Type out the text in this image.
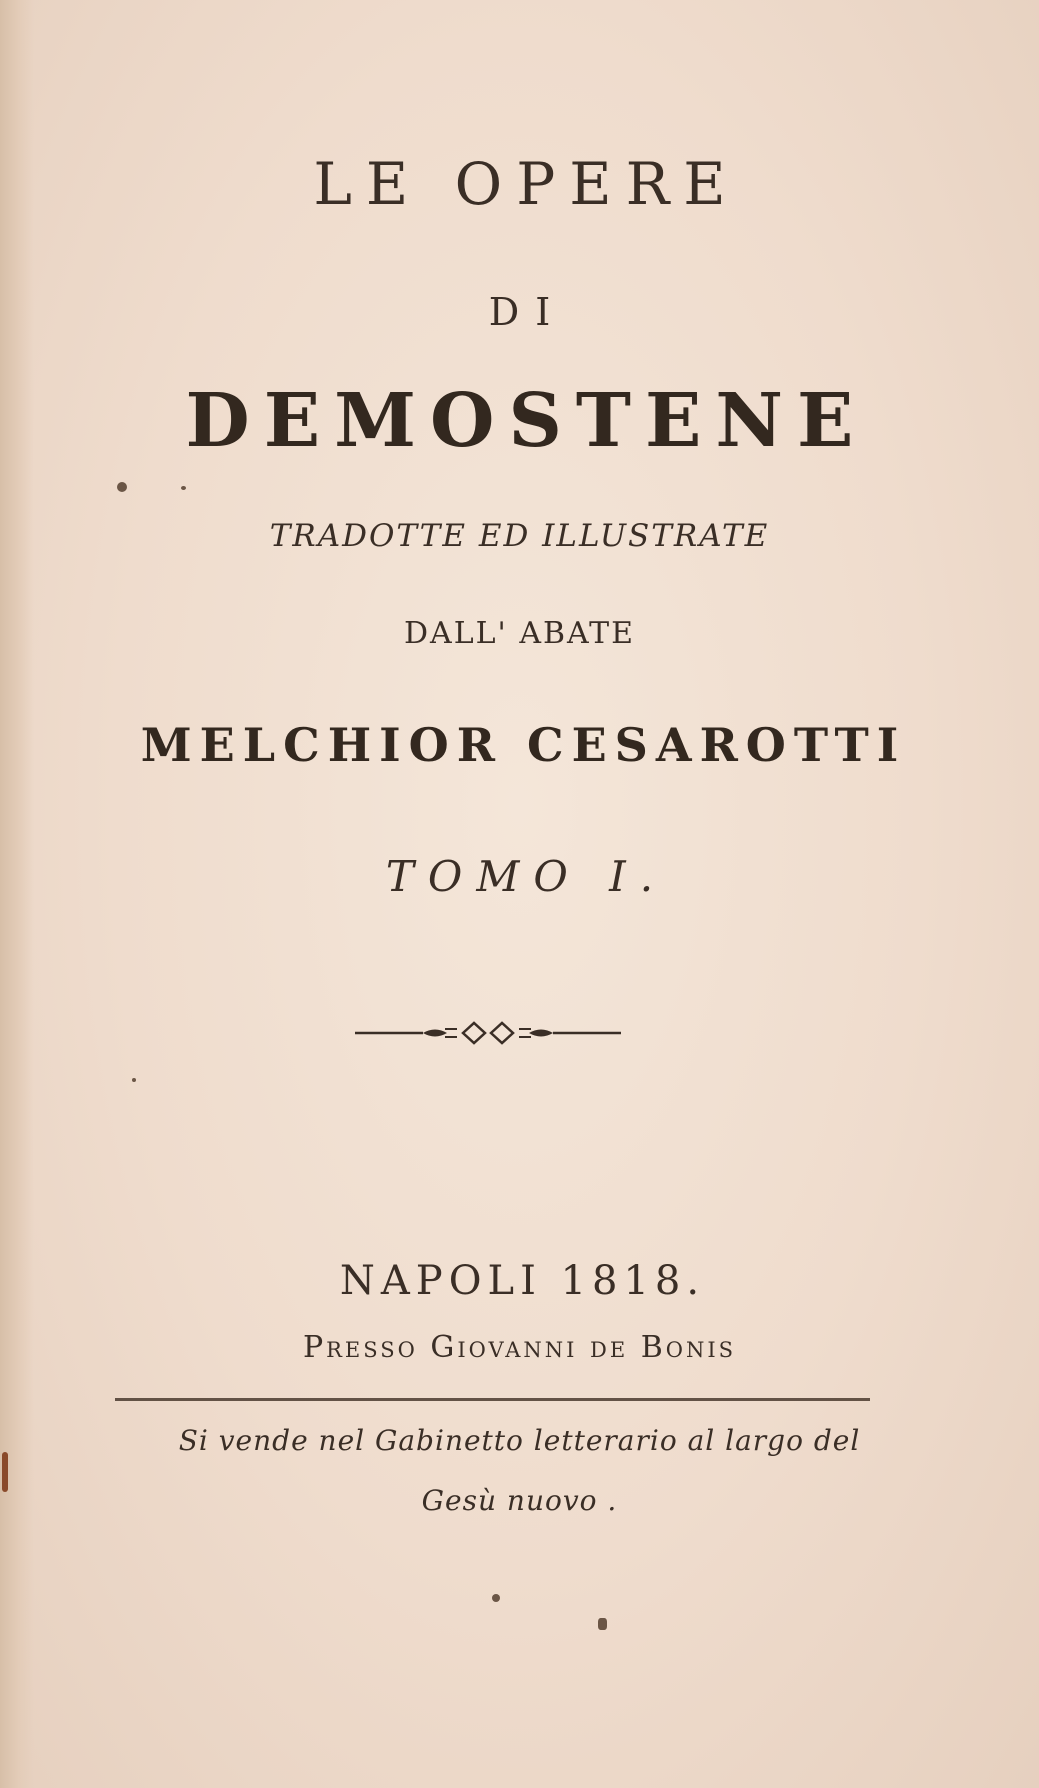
LE OPERE
DI
DEMOSTENE
TRADOTTE ED ILLUSTRATE
DALL' ABATE
MELCHIOR CESAROTTI
TOMO I.
NAPOLI 1818.
Presso Giovanni de Bonis
Si vende nel Gabinetto letterario al largo del
Gesù nuovo .
